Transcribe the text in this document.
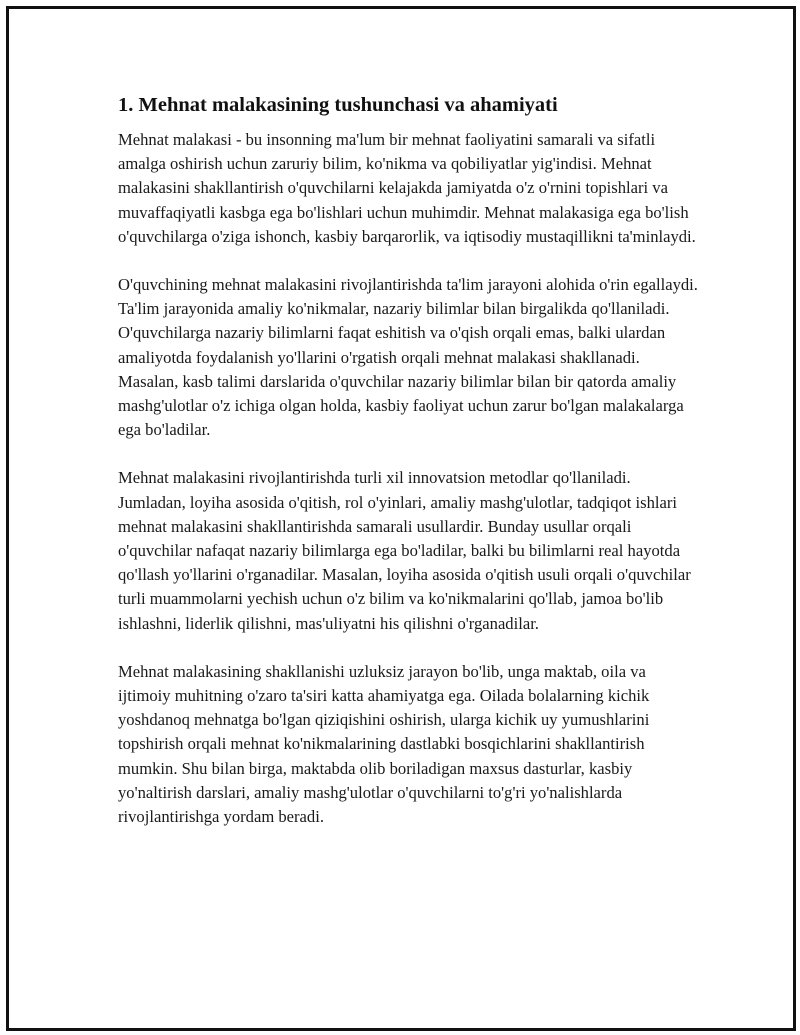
1. Mehnat malakasining tushunchasi va ahamiyati

Mehnat malakasi - bu insonning ma'lum bir mehnat faoliyatini samarali va sifatli amalga oshirish uchun zaruriy bilim, ko'nikma va qobiliyatlar yig'indisi. Mehnat malakasini shakllantirish o'quvchilarni kelajakda jamiyatda o'z o'rnini topishlari va muvaffaqiyatli kasbga ega bo'lishlari uchun muhimdir. Mehnat malakasiga ega bo'lish o'quvchilarga o'ziga ishonch, kasbiy barqarorlik, va iqtisodiy mustaqillikni ta'minlaydi.

O'quvchining mehnat malakasini rivojlantirishda ta'lim jarayoni alohida o'rin egallaydi. Ta'lim jarayonida amaliy ko'nikmalar, nazariy bilimlar bilan birgalikda qo'llaniladi. O'quvchilarga nazariy bilimlarni faqat eshitish va o'qish orqali emas, balki ulardan amaliyotda foydalanish yo'llarini o'rgatish orqali mehnat malakasi shakllanadi. Masalan, kasb talimi darslarida o'quvchilar nazariy bilimlar bilan bir qatorda amaliy mashg'ulotlar o'z ichiga olgan holda, kasbiy faoliyat uchun zarur bo'lgan malakalarga ega bo'ladilar.

Mehnat malakasini rivojlantirishda turli xil innovatsion metodlar qo'llaniladi. Jumladan, loyiha asosida o'qitish, rol o'yinlari, amaliy mashg'ulotlar, tadqiqot ishlari mehnat malakasini shakllantirishda samarali usullardir. Bunday usullar orqali o'quvchilar nafaqat nazariy bilimlarga ega bo'ladilar, balki bu bilimlarni real hayotda qo'llash yo'llarini o'rganadilar. Masalan, loyiha asosida o'qitish usuli orqali o'quvchilar turli muammolarni yechish uchun o'z bilim va ko'nikmalarini qo'llab, jamoa bo'lib ishlashni, liderlik qilishni, mas'uliyatni his qilishni o'rganadilar.

Mehnat malakasining shakllanishi uzluksiz jarayon bo'lib, unga maktab, oila va ijtimoiy muhitning o'zaro ta'siri katta ahamiyatga ega. Oilada bolalarning kichik yoshdanoq mehnatga bo'lgan qiziqishini oshirish, ularga kichik uy yumushlarini topshirish orqali mehnat ko'nikmalarining dastlabki bosqichlarini shakllantirish mumkin. Shu bilan birga, maktabda olib boriladigan maxsus dasturlar, kasbiy yo'naltirish darslari, amaliy mashg'ulotlar o'quvchilarni to'g'ri yo'nalishlarda rivojlantirishga yordam beradi.
